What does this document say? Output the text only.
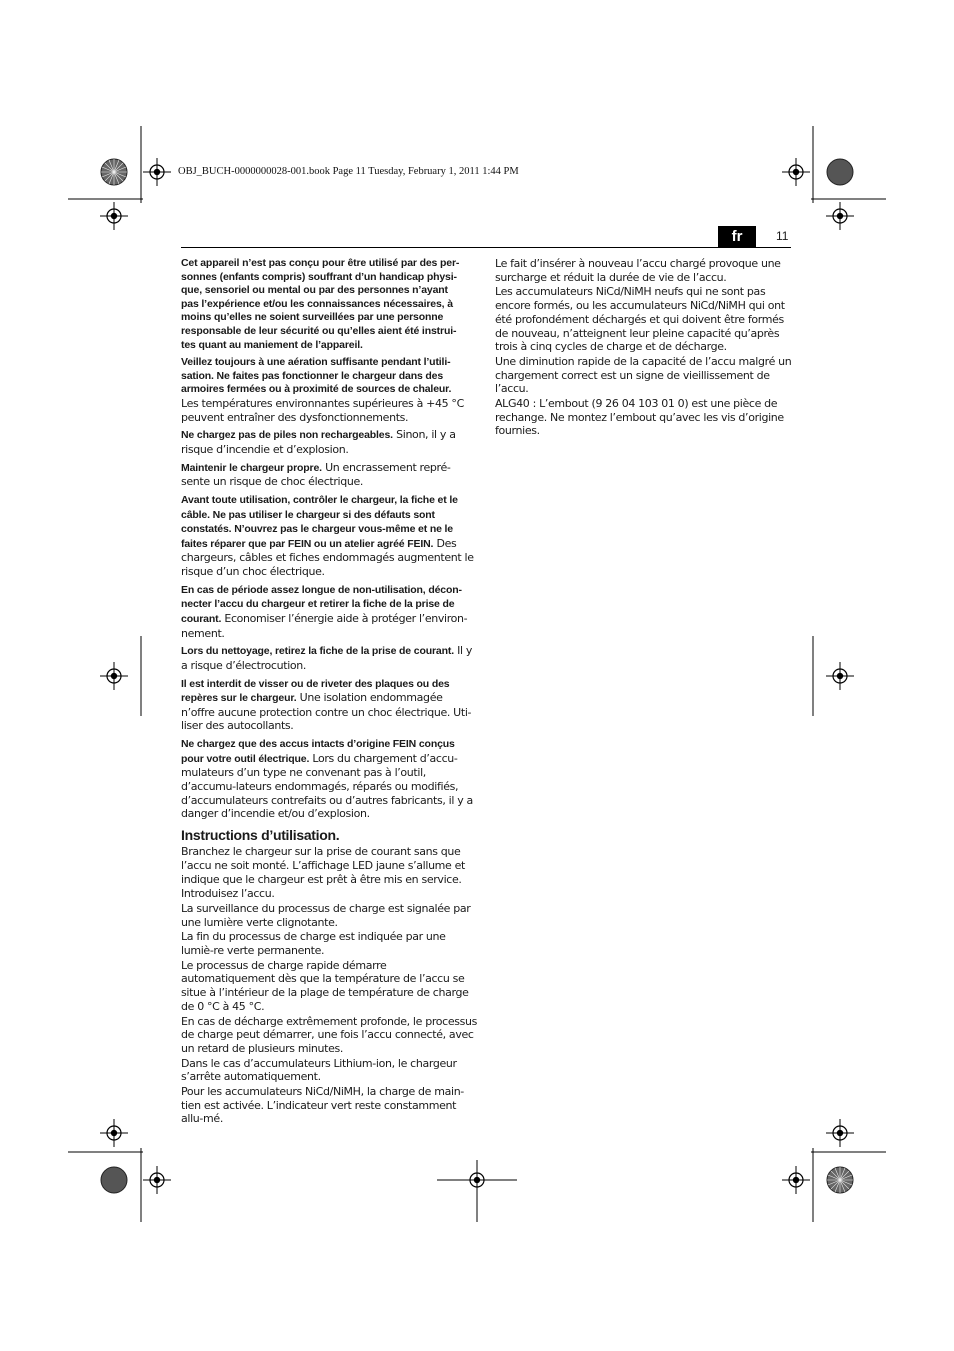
OBJ_BUCH-0000000028-001.book Page 11 Tuesday, February 1, 2011 1:44 PM
fr	11

Cet appareil n’est pas conçu pour être utilisé par des per-
sonnes (enfants compris) souffrant d’un handicap physi-
que, sensoriel ou mental ou par des personnes n’ayant
pas l’expérience et/ou les connaissances nécessaires, à
moins qu’elles ne soient surveillées par une personne
responsable de leur sécurité ou qu’elles aient été instrui-
tes quant au maniement de l’appareil.

Veillez toujours à une aération suffisante pendant l’utili-
sation. Ne faites pas fonctionner le chargeur dans des
armoires fermées ou à proximité de sources de chaleur.
Les températures environnantes supérieures à +45 °C peuvent entraîner des dysfonctionnements.

Ne chargez pas de piles non rechargeables. Sinon, il y a risque d’incendie et d’explosion.

Maintenir le chargeur propre. Un encrassement repré-sente un risque de choc électrique.

Avant toute utilisation, contrôler le chargeur, la fiche et le câble. Ne pas utiliser le chargeur si des défauts sont constatés. N’ouvrez pas le chargeur vous-même et ne le faites réparer que par FEIN ou un atelier agréé FEIN. Des chargeurs, câbles et fiches endommagés augmentent le risque d’un choc électrique.

En cas de période assez longue de non-utilisation, décon-necter l’accu du chargeur et retirer la fiche de la prise de courant. Economiser l’énergie aide à protéger l’environ-nement.

Lors du nettoyage, retirez la fiche de la prise de courant. Il y a risque d’électrocution.

Il est interdit de visser ou de riveter des plaques ou des repères sur le chargeur. Une isolation endommagée n’offre aucune protection contre un choc électrique. Uti-liser des autocollants.

Ne chargez que des accus intacts d’origine FEIN conçus pour votre outil électrique. Lors du chargement d’accu-mulateurs d’un type ne convenant pas à l’outil, d’accumu-lateurs endommagés, réparés ou modifiés, d’accumulateurs contrefaits ou d’autres fabricants, il y a danger d’incendie et/ou d’explosion.

Instructions d’utilisation.

Branchez le chargeur sur la prise de courant sans que l’accu ne soit monté. L’affichage LED jaune s’allume et indique que le chargeur est prêt à être mis en service.

Introduisez l’accu.

La surveillance du processus de charge est signalée par une lumière verte clignotante.

La fin du processus de charge est indiquée par une lumiè-re verte permanente.

Le processus de charge rapide démarre automatiquement dès que la température de l’accu se situe à l’intérieur de la plage de température de charge de 0 °C à 45 °C.

En cas de décharge extrêmement profonde, le processus de charge peut démarrer, une fois l’accu connecté, avec un retard de plusieurs minutes.

Dans le cas d’accumulateurs Lithium-ion, le chargeur s’arrête automatiquement.

Pour les accumulateurs NiCd/NiMH, la charge de main-tien est activée. L’indicateur vert reste constamment allu-mé.

Le fait d’insérer à nouveau l’accu chargé provoque une surcharge et réduit la durée de vie de l’accu.

Les accumulateurs NiCd/NiMH neufs qui ne sont pas encore formés, ou les accumulateurs NiCd/NiMH qui ont été profondément déchargés et qui doivent être formés de nouveau, n’atteignent leur pleine capacité qu’après trois à cinq cycles de charge et de décharge.

Une diminution rapide de la capacité de l’accu malgré un chargement correct est un signe de vieillissement de l’accu.

ALG40 : L’embout (9 26 04 103 01 0) est une pièce de rechange. Ne montez l’embout qu’avec les vis d’origine fournies.
